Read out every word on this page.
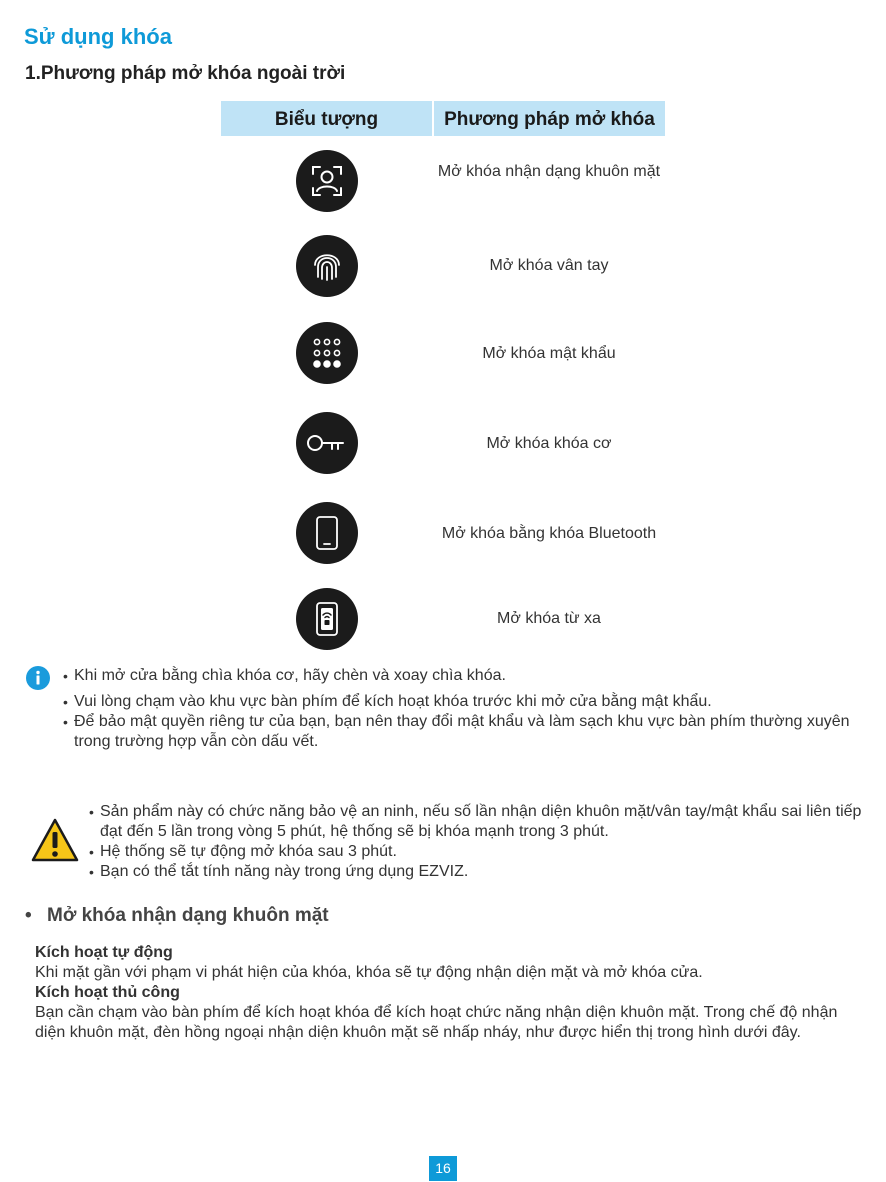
Sử dụng khóa
1.Phương pháp mở khóa ngoài trời
Biểu tượng	Phương pháp mở khóa
Mở khóa nhận dạng khuôn mặt
Mở khóa vân tay
Mở khóa mật khẩu
Mở khóa khóa cơ
Mở khóa bằng khóa Bluetooth
Mở khóa từ xa
• Khi mở cửa bằng chìa khóa cơ, hãy chèn và xoay chìa khóa.
• Vui lòng chạm vào khu vực bàn phím để kích hoạt khóa trước khi mở cửa bằng mật khẩu.
• Để bảo mật quyền riêng tư của bạn, bạn nên thay đổi mật khẩu và làm sạch khu vực bàn phím thường xuyên trong trường hợp vẫn còn dấu vết.
• Sản phẩm này có chức năng bảo vệ an ninh, nếu số lần nhận diện khuôn mặt/vân tay/mật khẩu sai liên tiếp đạt đến 5 lần trong vòng 5 phút, hệ thống sẽ bị khóa mạnh trong 3 phút.
• Hệ thống sẽ tự động mở khóa sau 3 phút.
• Bạn có thể tắt tính năng này trong ứng dụng EZVIZ.
• Mở khóa nhận dạng khuôn mặt
Kích hoạt tự động
Khi mặt gần với phạm vi phát hiện của khóa, khóa sẽ tự động nhận diện mặt và mở khóa cửa.
Kích hoạt thủ công
Bạn cần chạm vào bàn phím để kích hoạt khóa để kích hoạt chức năng nhận diện khuôn mặt. Trong chế độ nhận diện khuôn mặt, đèn hồng ngoại nhận diện khuôn mặt sẽ nhấp nháy, như được hiển thị trong hình dưới đây.
16
